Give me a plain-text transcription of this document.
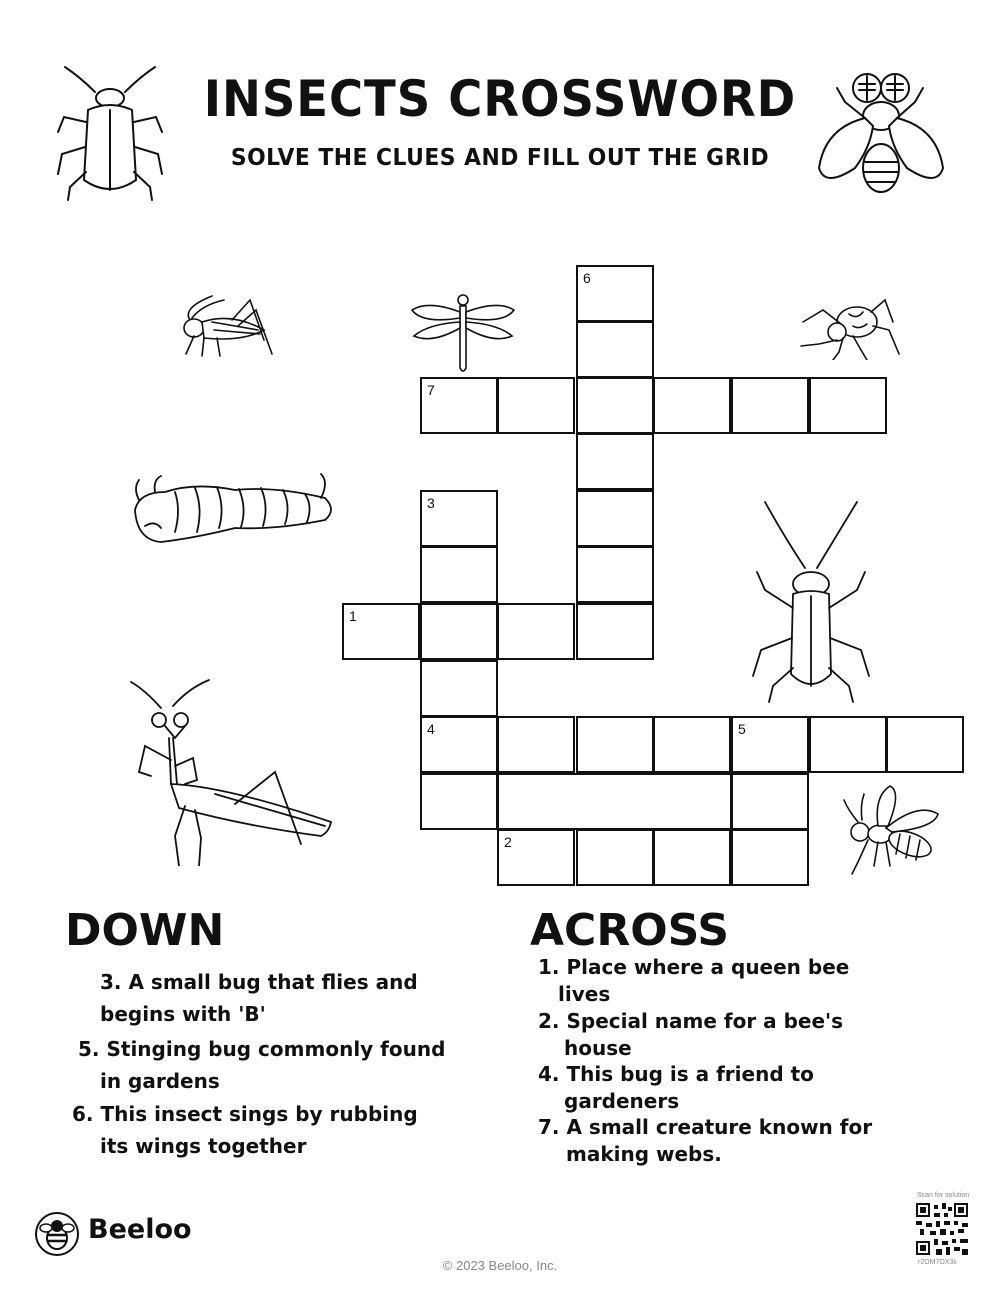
INSECTS CROSSWORD
SOLVE THE CLUES AND FILL OUT THE GRID
6
7
3
1
4	5
2
DOWN
3. A small bug that flies and
begins with 'B'
5. Stinging bug commonly found
in gardens
6. This insect sings by rubbing
its wings together
ACROSS
1. Place where a queen bee
lives
2. Special name for a bee's
house
4. This bug is a friend to
gardeners
7. A small creature known for
making webs.
Beeloo
© 2023 Beeloo, Inc.
Scan for solution
r2OM7OX3k
